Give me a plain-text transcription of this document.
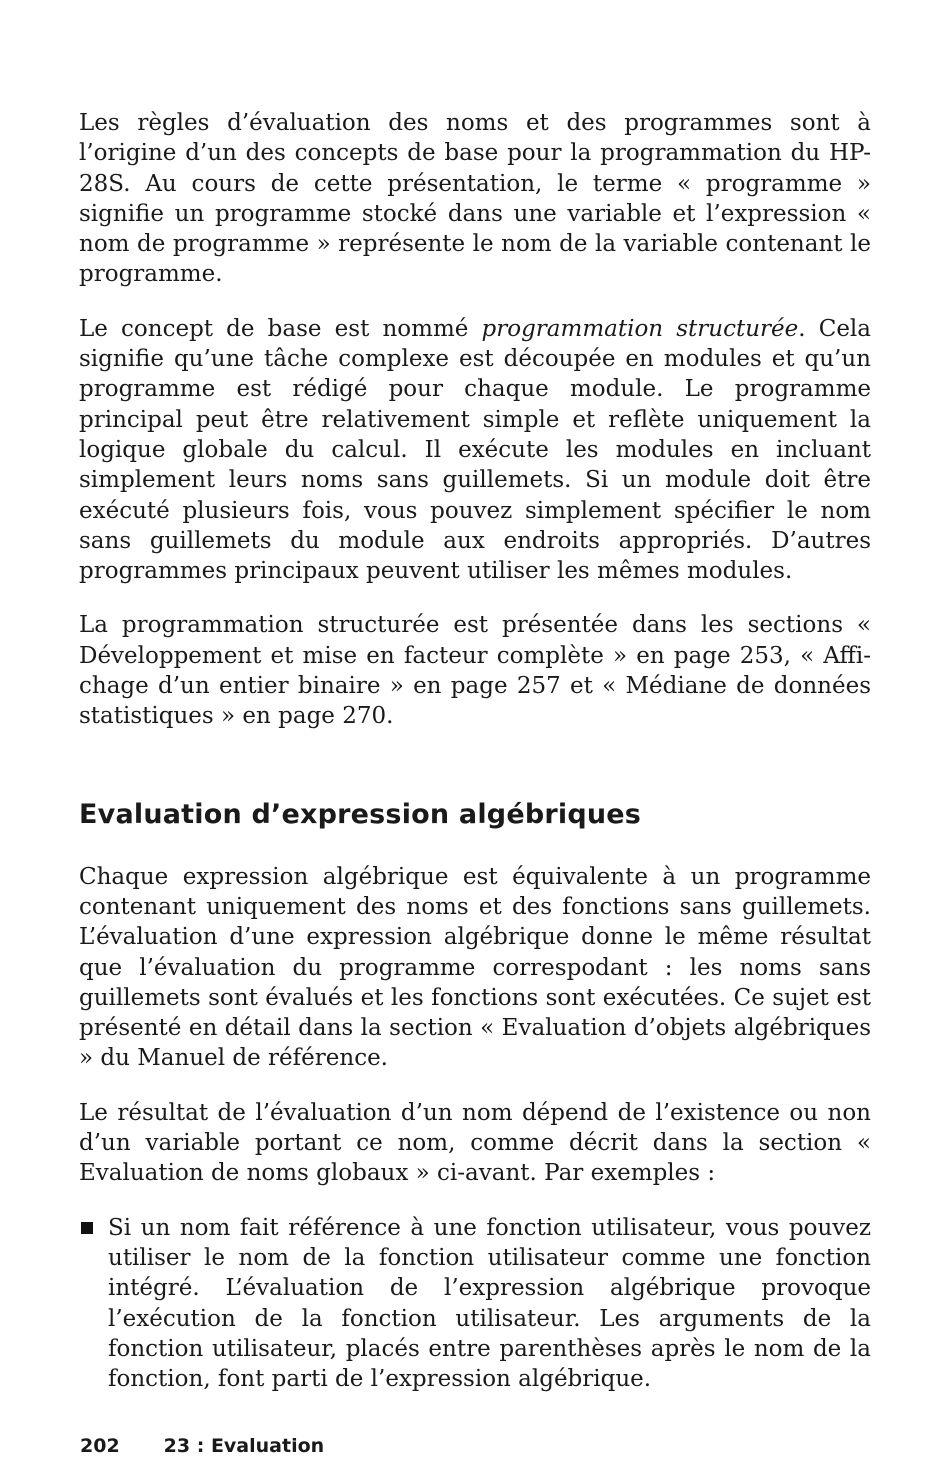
Les règles d’évaluation des noms et des programmes sont à l’origine d’un des concepts de base pour la programmation du HP-28S. Au cours de cette présentation, le terme « programme » signifie un programme stocké dans une variable et l’expression « nom de programme » représente le nom de la variable contenant le programme.

Le concept de base est nommé programmation structurée. Cela signifie qu’une tâche complexe est découpée en modules et qu’un programme est rédigé pour chaque module. Le programme principal peut être relativement simple et reflète uniquement la logique globale du calcul. Il exécute les modules en incluant simplement leurs noms sans guillemets. Si un module doit être exécuté plusieurs fois, vous pouvez simplement spécifier le nom sans guillemets du module aux endroits appropriés. D’autres programmes principaux peuvent utiliser les mêmes modules.

La programmation structurée est présentée dans les sections « Développement et mise en facteur complète » en page 253, « Affichage d’un entier binaire » en page 257 et « Médiane de données statistiques » en page 270.

Evaluation d’expression algébriques

Chaque expression algébrique est équivalente à un programme contenant uniquement des noms et des fonctions sans guillemets. L’évaluation d’une expression algébrique donne le même résultat que l’évaluation du programme correspodant : les noms sans guillemets sont évalués et les fonctions sont exécutées. Ce sujet est présenté en détail dans la section « Evaluation d’objets algébriques » du Manuel de référence.

Le résultat de l’évaluation d’un nom dépend de l’existence ou non d’un variable portant ce nom, comme décrit dans la section « Evaluation de noms globaux » ci-avant. Par exemples :

Si un nom fait référence à une fonction utilisateur, vous pouvez utiliser le nom de la fonction utilisateur comme une fonction intégré. L’évaluation de l’expression algébrique provoque l’exécution de la fonction utilisateur. Les arguments de la fonction utilisateur, placés entre parenthèses après le nom de la fonction, font parti de l’expression algébrique.

202 23 : Evaluation
